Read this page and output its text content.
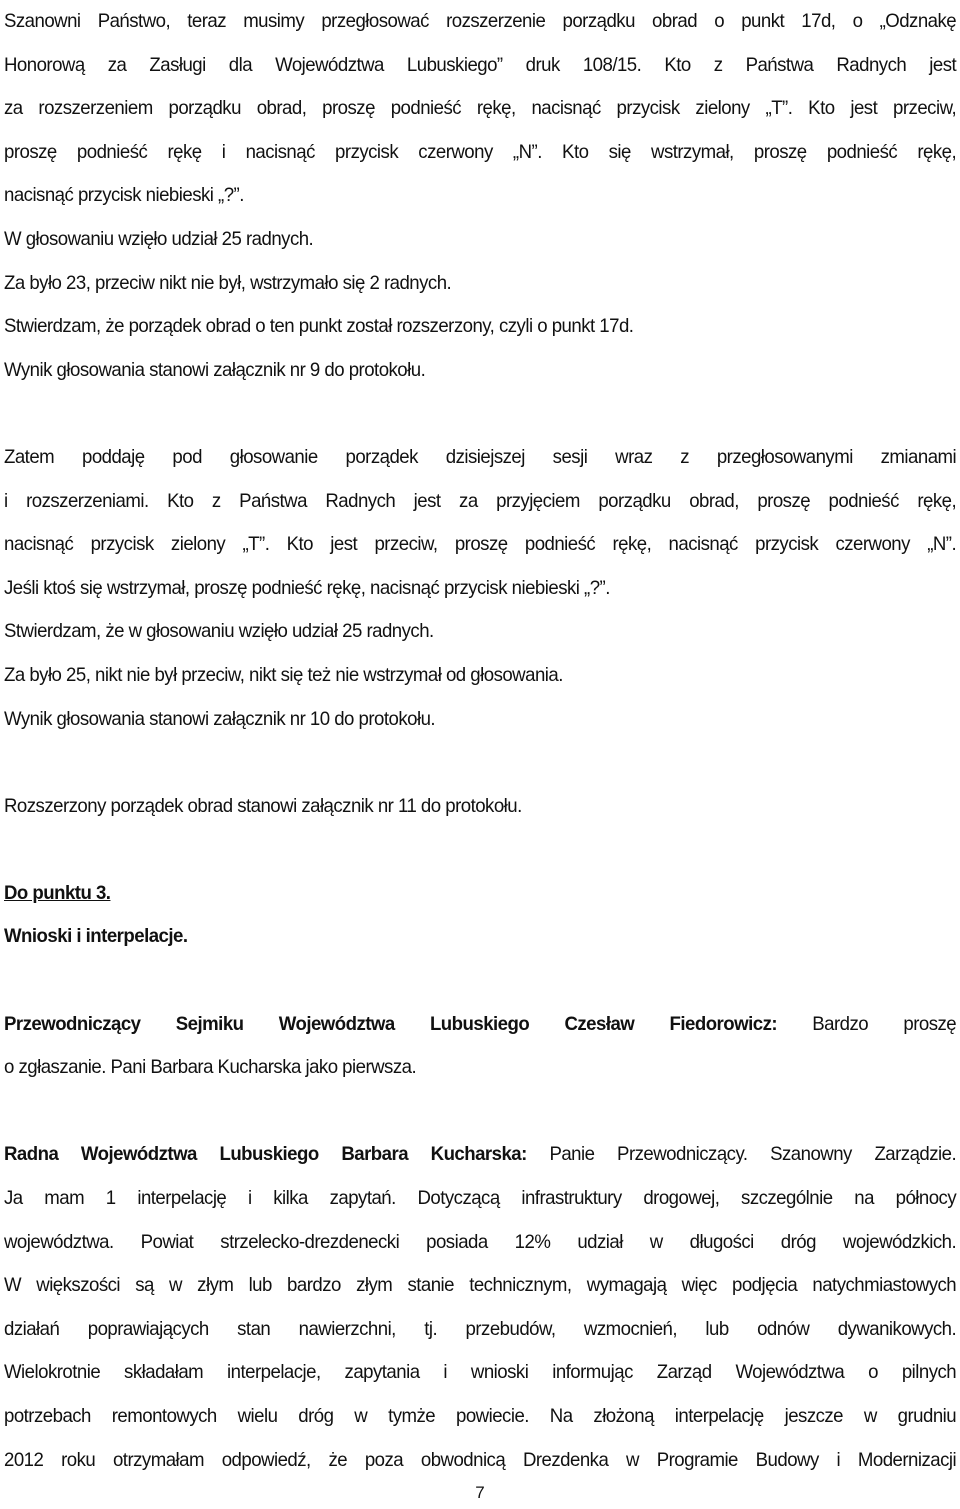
Szanowni Państwo, teraz musimy przegłosować rozszerzenie porządku obrad o punkt 17d, o „Odznakę
Honorową za Zasługi dla Województwa Lubuskiego” druk 108/15. Kto z Państwa Radnych jest
za rozszerzeniem porządku obrad, proszę podnieść rękę, nacisnąć przycisk zielony „T”. Kto jest przeciw,
proszę podnieść rękę i nacisnąć przycisk czerwony „N”. Kto się wstrzymał, proszę podnieść rękę,
nacisnąć przycisk niebieski „?”.

W głosowaniu wzięło udział 25 radnych.
Za było 23, przeciw nikt nie był, wstrzymało się 2 radnych.
Stwierdzam, że porządek obrad o ten punkt został rozszerzony, czyli o punkt 17d.
Wynik głosowania stanowi załącznik nr 9 do protokołu.

Zatem poddaję pod głosowanie porządek dzisiejszej sesji wraz z przegłosowanymi zmianami
i rozszerzeniami. Kto z Państwa Radnych jest za przyjęciem porządku obrad, proszę podnieść rękę,
nacisnąć przycisk zielony „T”. Kto jest przeciw, proszę podnieść rękę, nacisnąć przycisk czerwony „N”.
Jeśli ktoś się wstrzymał, proszę podnieść rękę, nacisnąć przycisk niebieski „?”.

Stwierdzam, że w głosowaniu wzięło udział 25 radnych.
Za było 25, nikt nie był przeciw, nikt się też nie wstrzymał od głosowania.
Wynik głosowania stanowi załącznik nr 10 do protokołu.

Rozszerzony porządek obrad stanowi załącznik nr 11 do protokołu.

Do punktu 3.
Wnioski i interpelacje.

Przewodniczący Sejmiku Województwa Lubuskiego Czesław Fiedorowicz: Bardzo proszę
o zgłaszanie. Pani Barbara Kucharska jako pierwsza.

Radna Województwa Lubuskiego Barbara Kucharska: Panie Przewodniczący. Szanowny Zarządzie.
Ja mam 1 interpelację i kilka zapytań. Dotyczącą infrastruktury drogowej, szczególnie na północy
województwa. Powiat strzelecko-drezdenecki posiada 12% udział w długości dróg wojewódzkich.
W większości są w złym lub bardzo złym stanie technicznym, wymagają więc podjęcia natychmiastowych
działań poprawiających stan nawierzchni, tj. przebudów, wzmocnień, lub odnów dywanikowych.
Wielokrotnie składałam interpelacje, zapytania i wnioski informując Zarząd Województwa o pilnych
potrzebach remontowych wielu dróg w tymże powiecie. Na złożoną interpelację jeszcze w grudniu
2012 roku otrzymałam odpowiedź, że poza obwodnicą Drezdenka w Programie Budowy i Modernizacji

7
